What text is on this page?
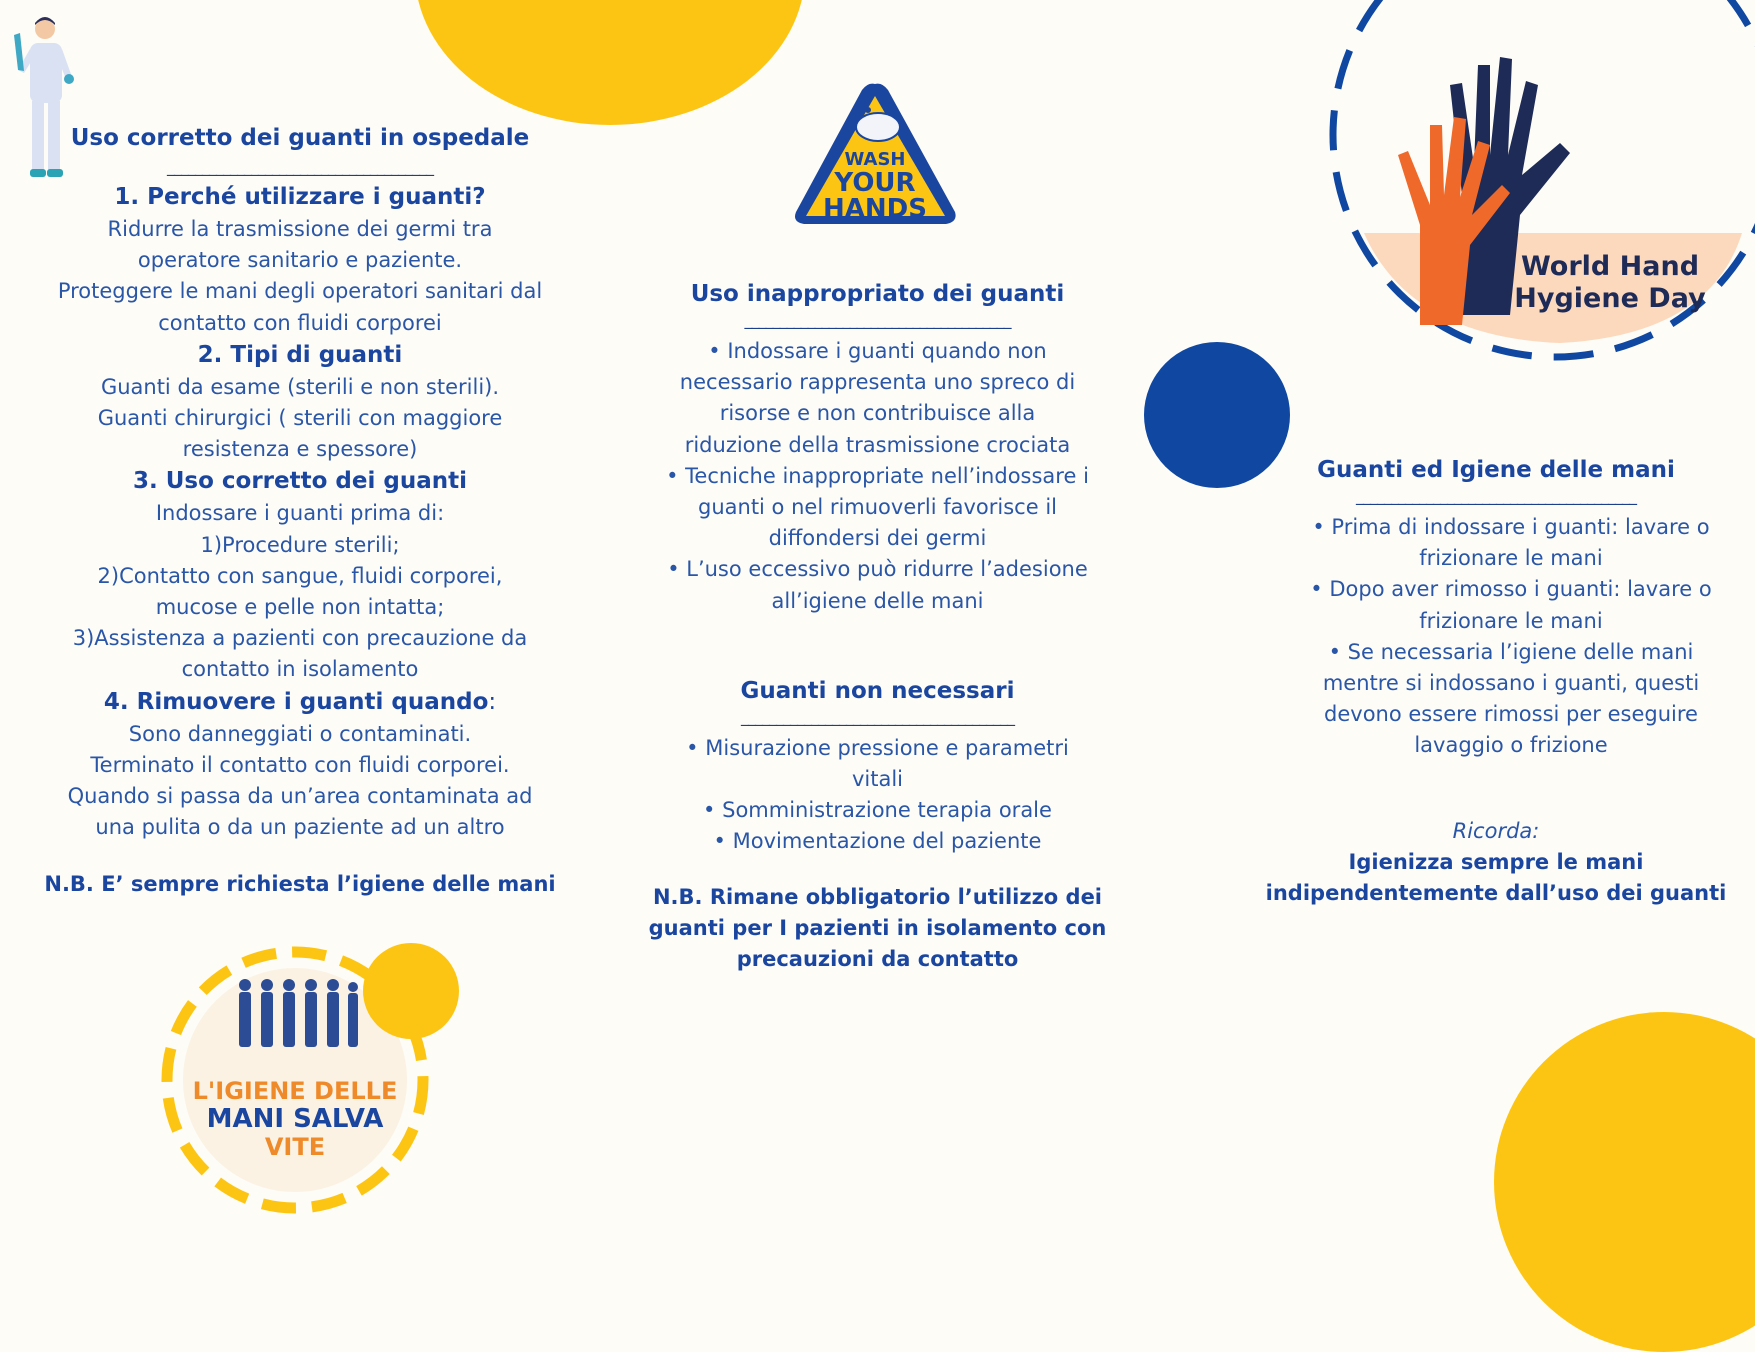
Uso corretto dei guanti in ospedale

______________________________________

1. Perché utilizzare i guanti?

Ridurre la trasmissione dei germi tra

operatore sanitario e paziente.

Proteggere le mani degli operatori sanitari dal

contatto con fluidi corporei

2. Tipi di guanti

Guanti da esame (sterili e non sterili).

Guanti chirurgici ( sterili con maggiore

resistenza e spessore)

3. Uso corretto dei guanti

Indossare i guanti prima di:

1)Procedure sterili;

2)Contatto con sangue, fluidi corporei,

mucose e pelle non intatta;

3)Assistenza a pazienti con precauzione da

contatto in isolamento

4. Rimuovere i guanti quando:

Sono danneggiati o contaminati.

Terminato il contatto con fluidi corporei.

Quando si passa da un’area contaminata ad

una pulita o da un paziente ad un altro

N.B. E’ sempre richiesta l’igiene delle mani

L'IGIENE DELLE
MANI SALVA
VITE
WASH
YOUR
HANDS

Uso inappropriato dei guanti

______________________________________

• Indossare i guanti quando non

necessario rappresenta uno spreco di

risorse e non contribuisce alla

riduzione della trasmissione crociata

• Tecniche inappropriate nell’indossare i

guanti o nel rimuoverli favorisce il

diffondersi dei germi

• L’uso eccessivo può ridurre l’adesione

all’igiene delle mani

Guanti non necessari

_______________________________________

• Misurazione pressione e parametri

vitali

• Somministrazione terapia orale

• Movimentazione del paziente

N.B. Rimane obbligatorio l’utilizzo dei

guanti per I pazienti in isolamento con

precauzioni da contatto

World Hand
Hygiene Day

Guanti ed Igiene delle mani

________________________________________

• Prima di indossare i guanti: lavare o

frizionare le mani

• Dopo aver rimosso i guanti: lavare o

frizionare le mani

• Se necessaria l’igiene delle mani

mentre si indossano i guanti, questi

devono essere rimossi per eseguire

lavaggio o frizione

Ricorda:

Igienizza sempre le mani

indipendentemente dall’uso dei guanti
